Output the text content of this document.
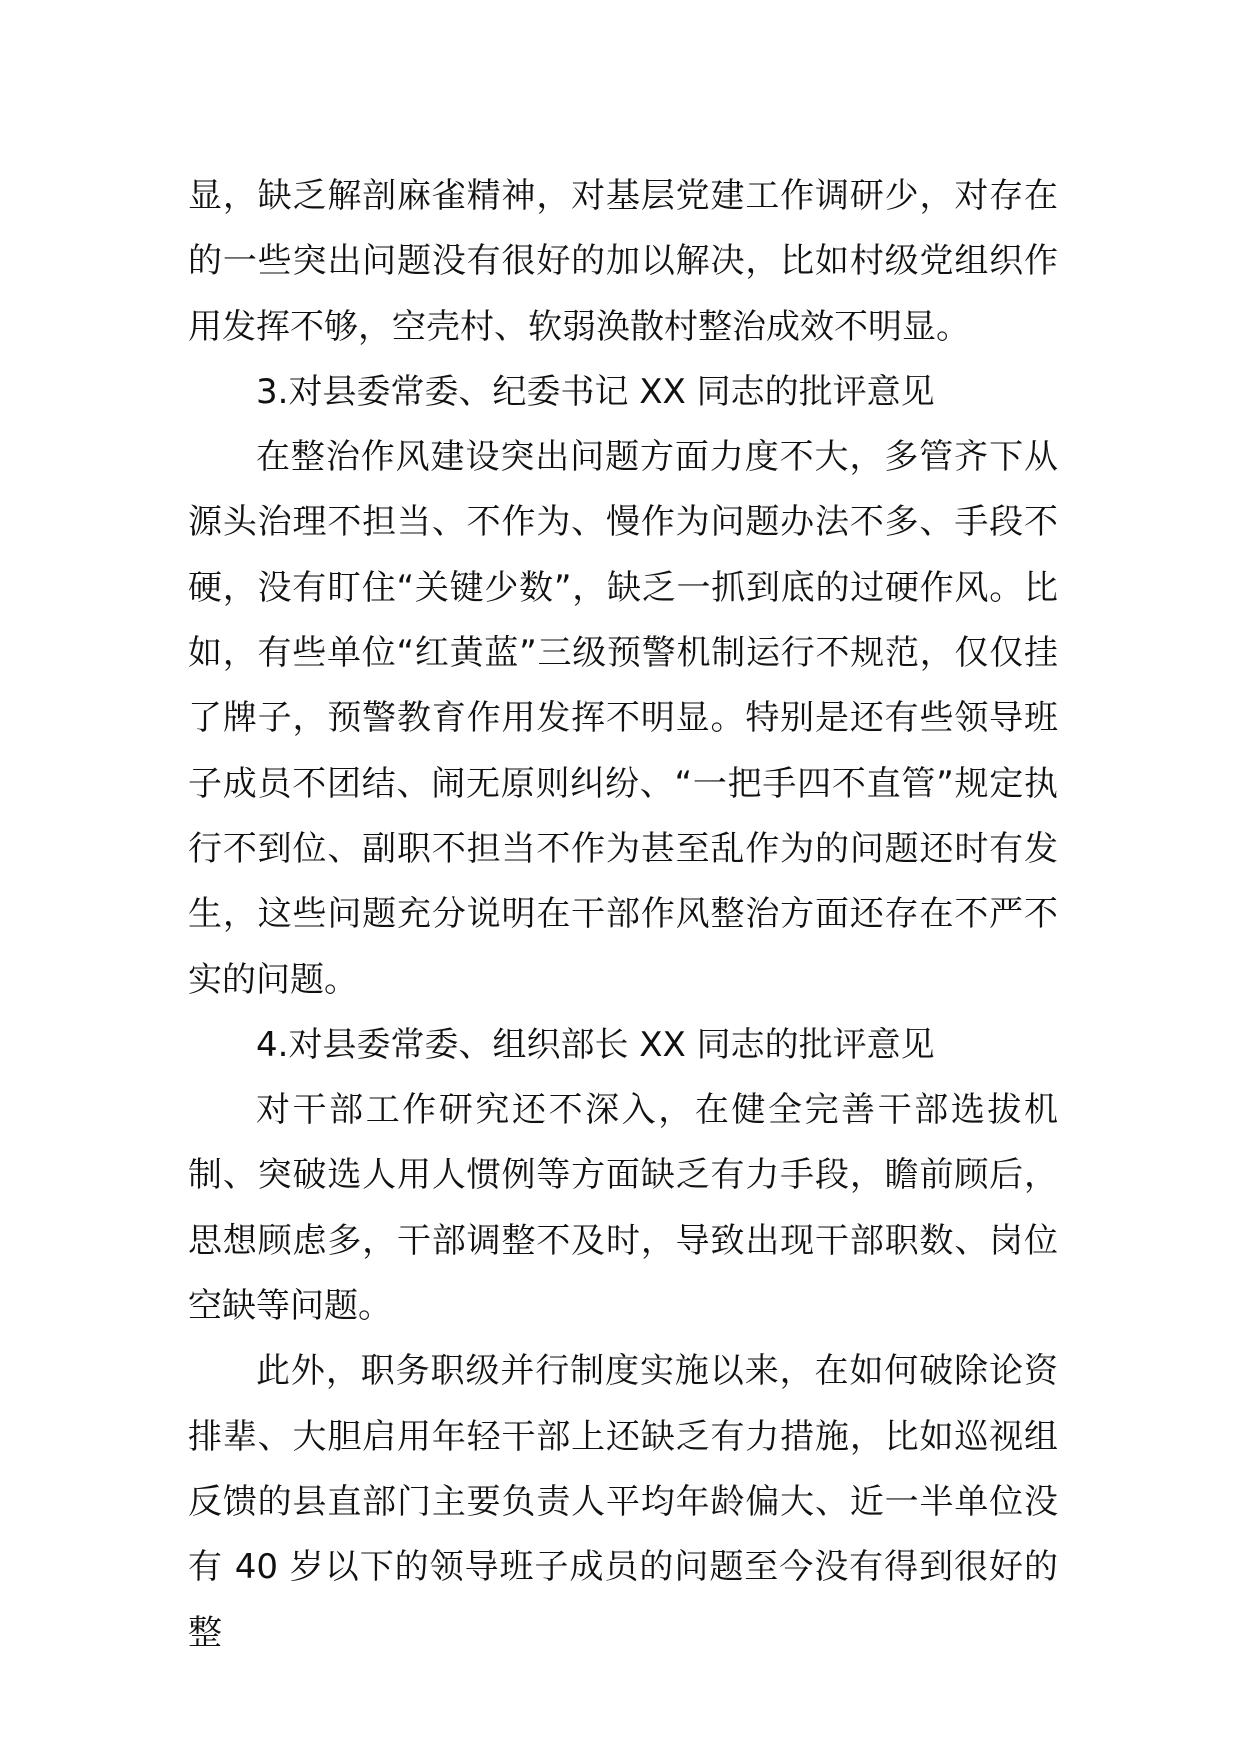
显，缺乏解剖麻雀精神，对基层党建工作调研少，对存在的一些突出问题没有很好的加以解决，比如村级党组织作用发挥不够，空壳村、软弱涣散村整治成效不明显。

3.对县委常委、纪委书记 XX 同志的批评意见

在整治作风建设突出问题方面力度不大，多管齐下从源头治理不担当、不作为、慢作为问题办法不多、手段不硬，没有盯住“关键少数”，缺乏一抓到底的过硬作风。比如，有些单位“红黄蓝”三级预警机制运行不规范，仅仅挂了牌子，预警教育作用发挥不明显。特别是还有些领导班子成员不团结、闹无原则纠纷、“一把手四不直管”规定执行不到位、副职不担当不作为甚至乱作为的问题还时有发生，这些问题充分说明在干部作风整治方面还存在不严不实的问题。

4.对县委常委、组织部长 XX 同志的批评意见

对干部工作研究还不深入，在健全完善干部选拔机制、突破选人用人惯例等方面缺乏有力手段，瞻前顾后，思想顾虑多，干部调整不及时，导致出现干部职数、岗位空缺等问题。

此外，职务职级并行制度实施以来，在如何破除论资排辈、大胆启用年轻干部上还缺乏有力措施，比如巡视组反馈的县直部门主要负责人平均年龄偏大、近一半单位没有 40 岁以下的领导班子成员的问题至今没有得到很好的整
